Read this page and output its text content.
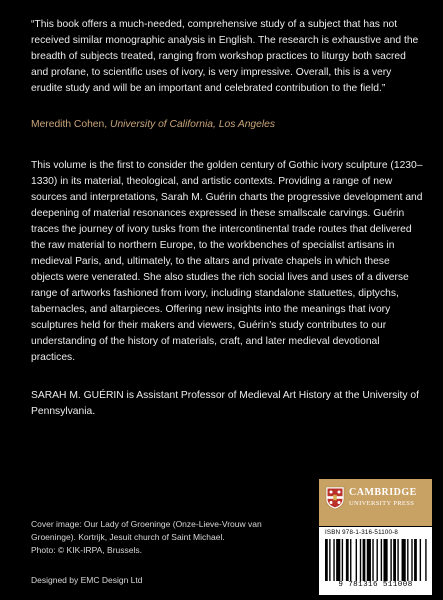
“This book offers a much-needed, comprehensive study of a subject that has not received similar monographic analysis in English. The research is exhaustive and the breadth of subjects treated, ranging from workshop practices to liturgy both sacred and profane, to scientific uses of ivory, is very impressive. Overall, this is a very erudite study and will be an important and celebrated contribution to the field.”

Meredith Cohen, University of California, Los Angeles

This volume is the first to consider the golden century of Gothic ivory sculpture (1230–1330) in its material, theological, and artistic contexts. Providing a range of new sources and interpretations, Sarah M. Guérin charts the progressive development and deepening of material resonances expressed in these smallscale carvings. Guérin traces the journey of ivory tusks from the intercontinental trade routes that delivered the raw material to northern Europe, to the workbenches of specialist artisans in medieval Paris, and, ultimately, to the altars and private chapels in which these objects were venerated. She also studies the rich social lives and uses of a diverse range of artworks fashioned from ivory, including standalone statuettes, diptychs, tabernacles, and altarpieces. Offering new insights into the meanings that ivory sculptures held for their makers and viewers, Guérin’s study contributes to our understanding of the history of materials, craft, and later medieval devotional practices.

SARAH M. GUÉRIN is Assistant Professor of Medieval Art History at the University of Pennsylvania.

Cover image: Our Lady of Groeninge (Onze-Lieve-Vrouw van Groeninge). Kortrijk, Jesuit church of Saint Michael.
Photo: © KIK-IRPA, Brussels.
Designed by EMC Design Ltd
CAMBRIDGE
UNIVERSITY PRESS
ISBN 978-1-316-51100-8
9 781316 511008
